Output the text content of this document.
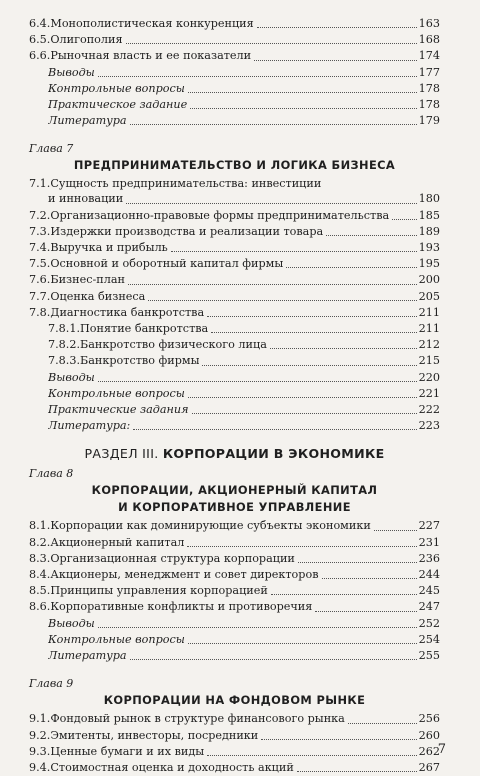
6.4. Монополистическая конкуренция	163
6.5. Олигополия	168
6.6. Рыночная власть и ее показатели	174
Выводы	177
Контрольные вопросы	178
Практическое задание	178
Литература	179
Глава 7
ПРЕДПРИНИМАТЕЛЬСТВО И ЛОГИКА БИЗНЕСА
7.1.Сущность предпринимательства: инвестиции
и инновации	180
7.2. Организационно-правовые формы предпринимательства	185
7.3. Издержки производства и реализации товара	189
7.4. Выручка и прибыль	193
7.5. Основной и оборотный капитал фирмы	195
7.6. Бизнес-план	200
7.7. Оценка бизнеса	205
7.8. Диагностика банкротства	211
7.8.1. Понятие банкротства	211
7.8.2. Банкротство физического лица	212
7.8.3. Банкротство фирмы	215
Выводы	220
Контрольные вопросы	221
Практические задания	222
Литература:	223
РАЗДЕЛ III. КОРПОРАЦИИ В ЭКОНОМИКЕ
Глава 8
КОРПОРАЦИИ, АКЦИОНЕРНЫЙ КАПИТАЛ
И КОРПОРАТИВНОЕ УПРАВЛЕНИЕ
8.1. Корпорации как доминирующие субъекты экономики	227
8.2. Акционерный капитал	231
8.3. Организационная структура корпорации	236
8.4. Акционеры, менеджмент и совет директоров	244
8.5. Принципы управления корпорацией	245
8.6. Корпоративные конфликты и противоречия	247
Выводы	252
Контрольные вопросы	254
Литература	255
Глава 9
КОРПОРАЦИИ НА ФОНДОВОМ РЫНКЕ
9.1. Фондовый рынок в структуре финансового рынка	256
9.2. Эмитенты, инвесторы, посредники	260
9.3. Ценные бумаги и их виды	262
9.4. Стоимостная оценка и доходность акций	267
7
